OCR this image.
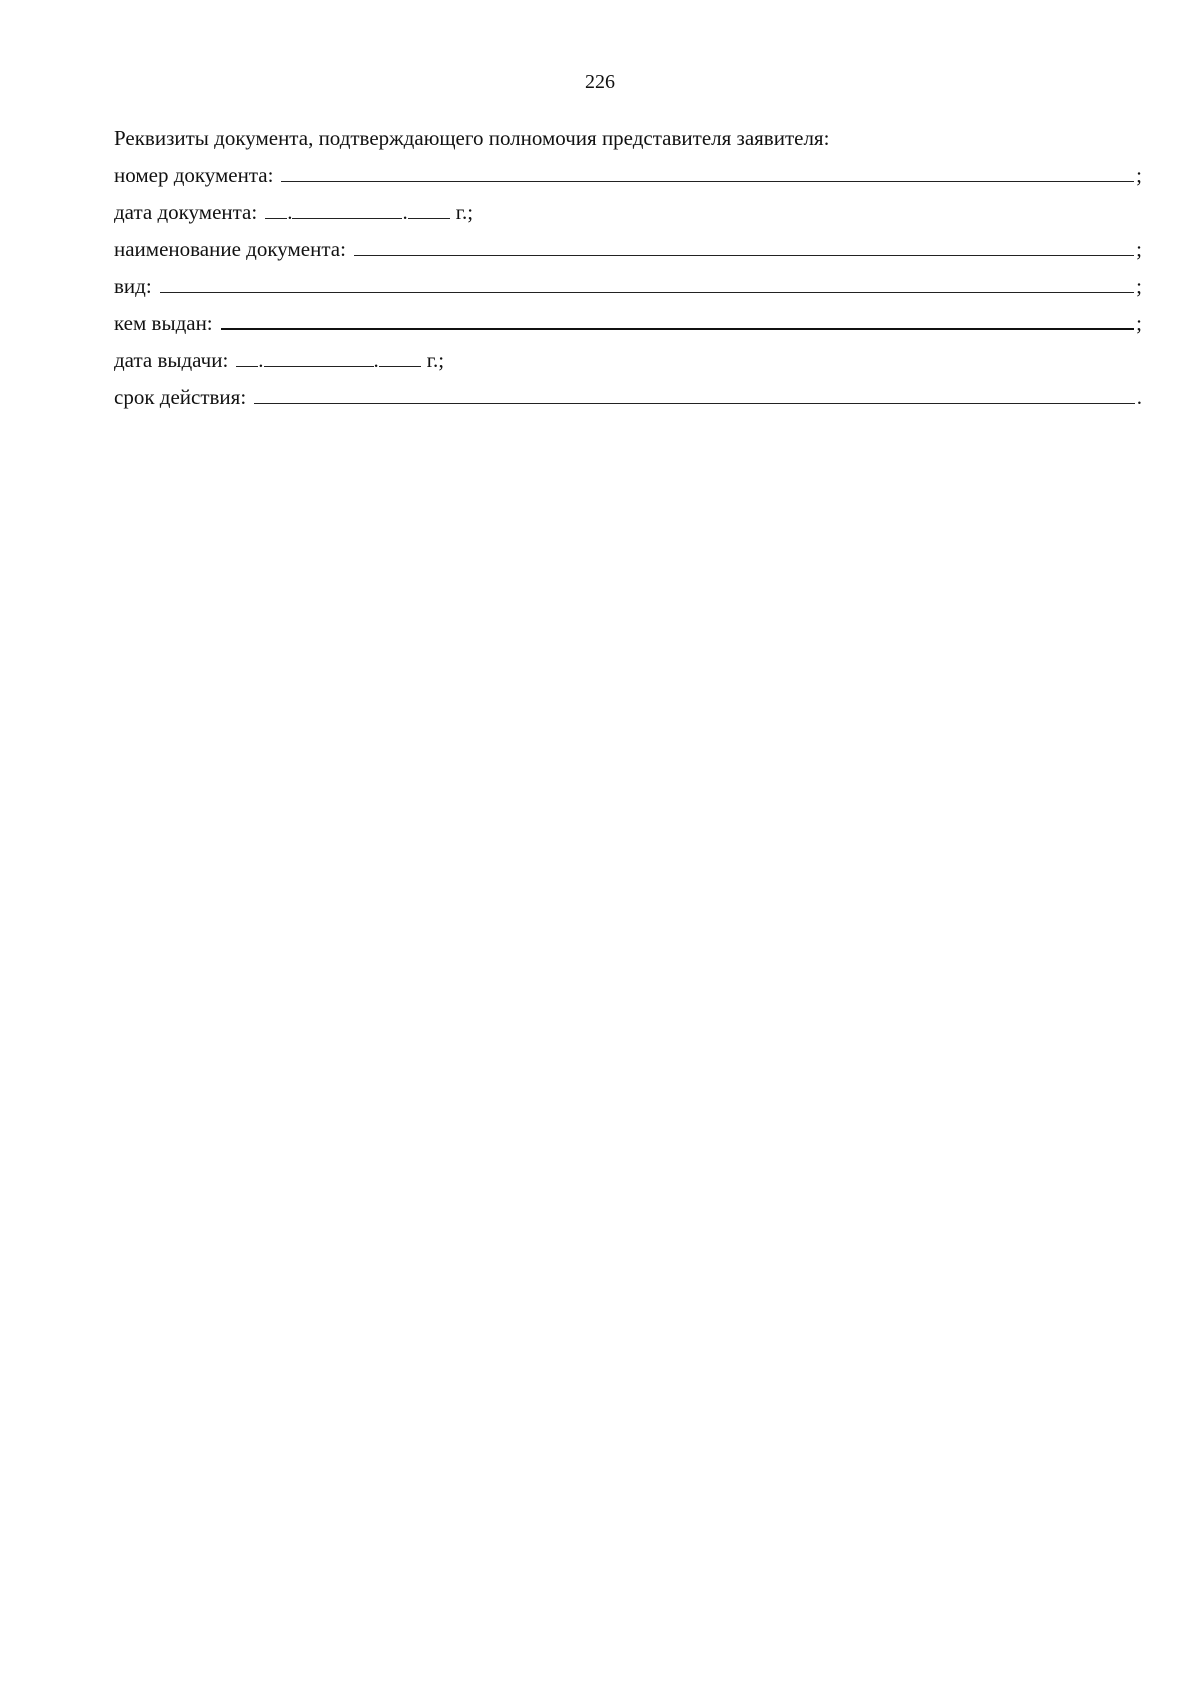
226
Реквизиты документа, подтверждающего полномочия представителя заявителя:
номер документа:	;
дата документа: .	. г.;
наименование документа:	;
вид:	;
кем выдан:	;
дата выдачи: .	. г.;
срок действия:	.
